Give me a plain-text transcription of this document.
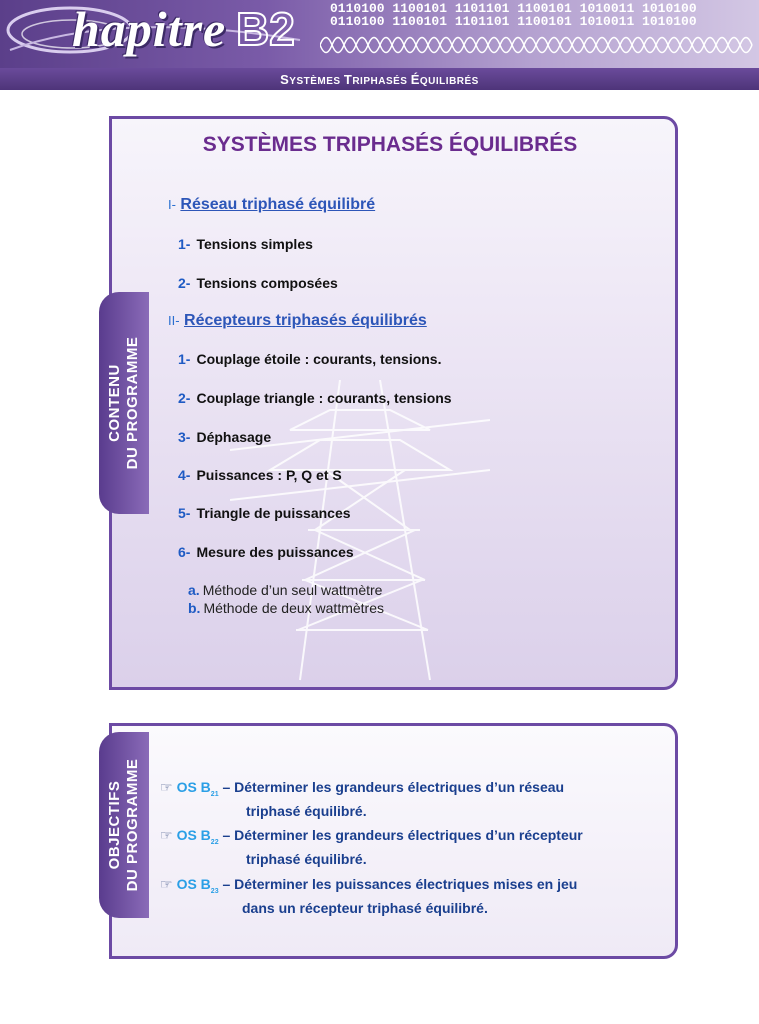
hapitre B2	0110100 1100101 1101101 1100101 1010011 1010100
0110100 1100101 1101101 1100101 1010011 1010100
SYSTÈMES TRIPHASÉS ÉQUILIBRÉS
CONTENU
DU PROGRAMME
SYSTÈMES TRIPHASÉS ÉQUILIBRÉS
I- Réseau triphasé équilibré
1- Tensions simples
2- Tensions composées
II- Récepteurs triphasés équilibrés
1- Couplage étoile : courants, tensions.
2- Couplage triangle : courants, tensions
3- Déphasage
4- Puissances : P, Q et S
5- Triangle de puissances
6- Mesure des puissances
a. Méthode d’un seul wattmètre
b. Méthode de deux wattmètres
OBJECTIFS
DU PROGRAMME ☞ OS $B_{21}$ – Déterminer les grandeurs électriques d’un réseau
triphasé équilibré.
☞ OS $B_{22}$ – Déterminer les grandeurs électriques d’un récepteur
triphasé équilibré.
☞ OS $B_{23}$ – Déterminer les puissances électriques mises en jeu
dans un récepteur triphasé équilibré.
